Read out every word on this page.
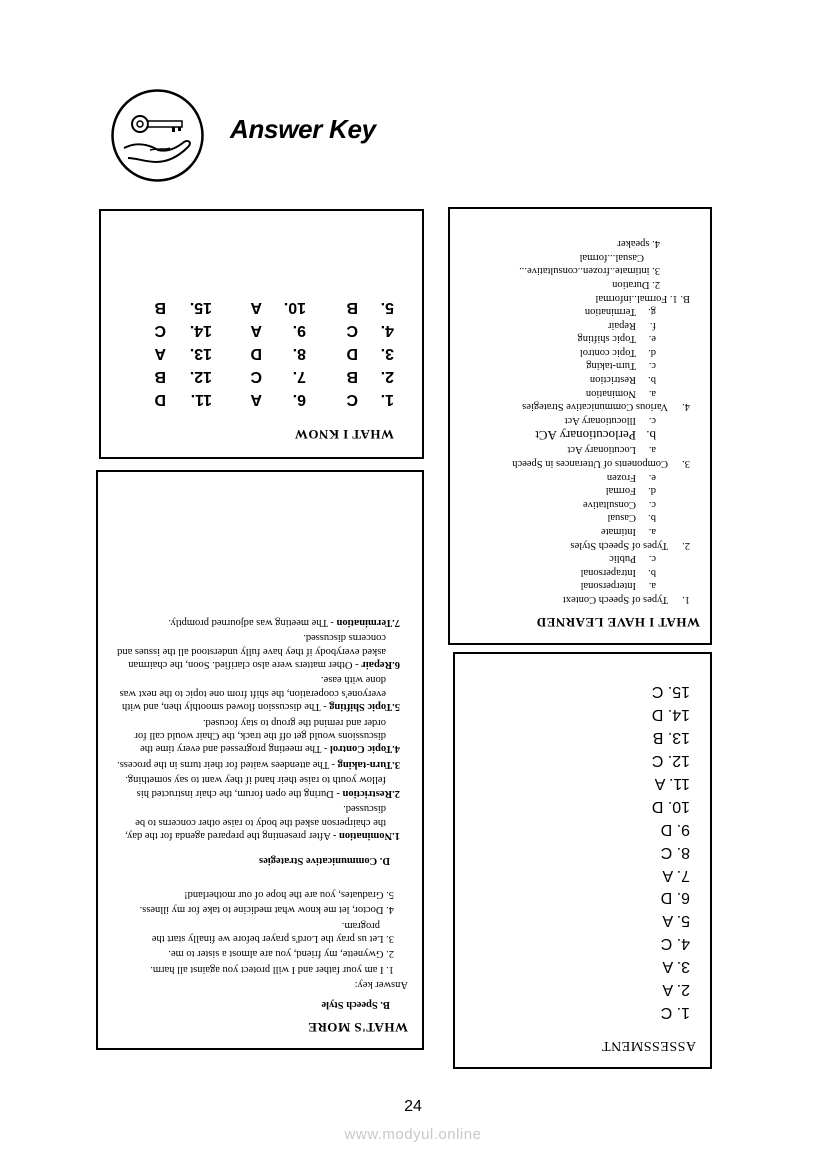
Answer Key
WHAT I KNOW
1.
C
6.
A
11.
D
2.
B
7.
C
12.
B
3.
D
8.
D
13.
A
4.
C
9.
A
14.
C
5.
B
10.
A
15.
B
WHAT I HAVE LEARNED
1.
Types of Speech Context
a.
Interpersonal
b.
Intrapersonal
c.
Public
2.
Types of Speech Styles
a.
Intimate
b.
Casual
c.
Consultative
d.
Formal
e.
Frozen
3.
Components of Utterances in Speech
a.
Locutionary Act
b.
Perlocutionary ACt
c.
Illocutionary Act
4.
Various Communicative Strategies
a.
Nomination
b.
Restriction
c.
Turn-taking
d.
Topic control
e.
Topic shifting
f.
Repair
g.
Termination
B. 1. Formal..informal
2. Duration
3. intimate..frozen..consultative...
Casual...formal
4. speaker
ASSESSMENT
1. C
2. A
3. A
4. C
5. A
6. D
7. A
8. C
9. D
10. D
11. A
12. C
13. B
14. D
15. C
WHAT'S MORE
B. Speech Style
Answer key:
1. I am your father and I will protect you against all harm.
2. Gwynette, my friend, you are almost a sister to me.
3. Let us pray the Lord's prayer before we finally start the program.
4. Doctor, let me know what medicine to take for my illness.
5. Graduates, you are the hope of our motherland!
D. Communicative Strategies
1.Nomination - After presenting the prepared agenda for the day, the chairperson asked the body to raise other concerns to be discussed.
2.Restriction - During the open forum, the chair instructed his fellow youth to raise their hand if they want to say something.
3.Turn-taking - The attendees waited for their turns in the process.
4.Topic Control - The meeting progressed and every time the discussions would get off the track, the Chair would call for order and remind the group to stay focused.
5.Topic Shifting - The discussion flowed smoothly then, and with everyone's cooperation, the shift from one topic to the next was done with ease.
6.Repair - Other matters were also clarified. Soon, the chairman asked everybody if they have fully understood all the issues and concerns discussed.
7.Termination - The meeting was adjourned promptly.
24
www.modyul.online
